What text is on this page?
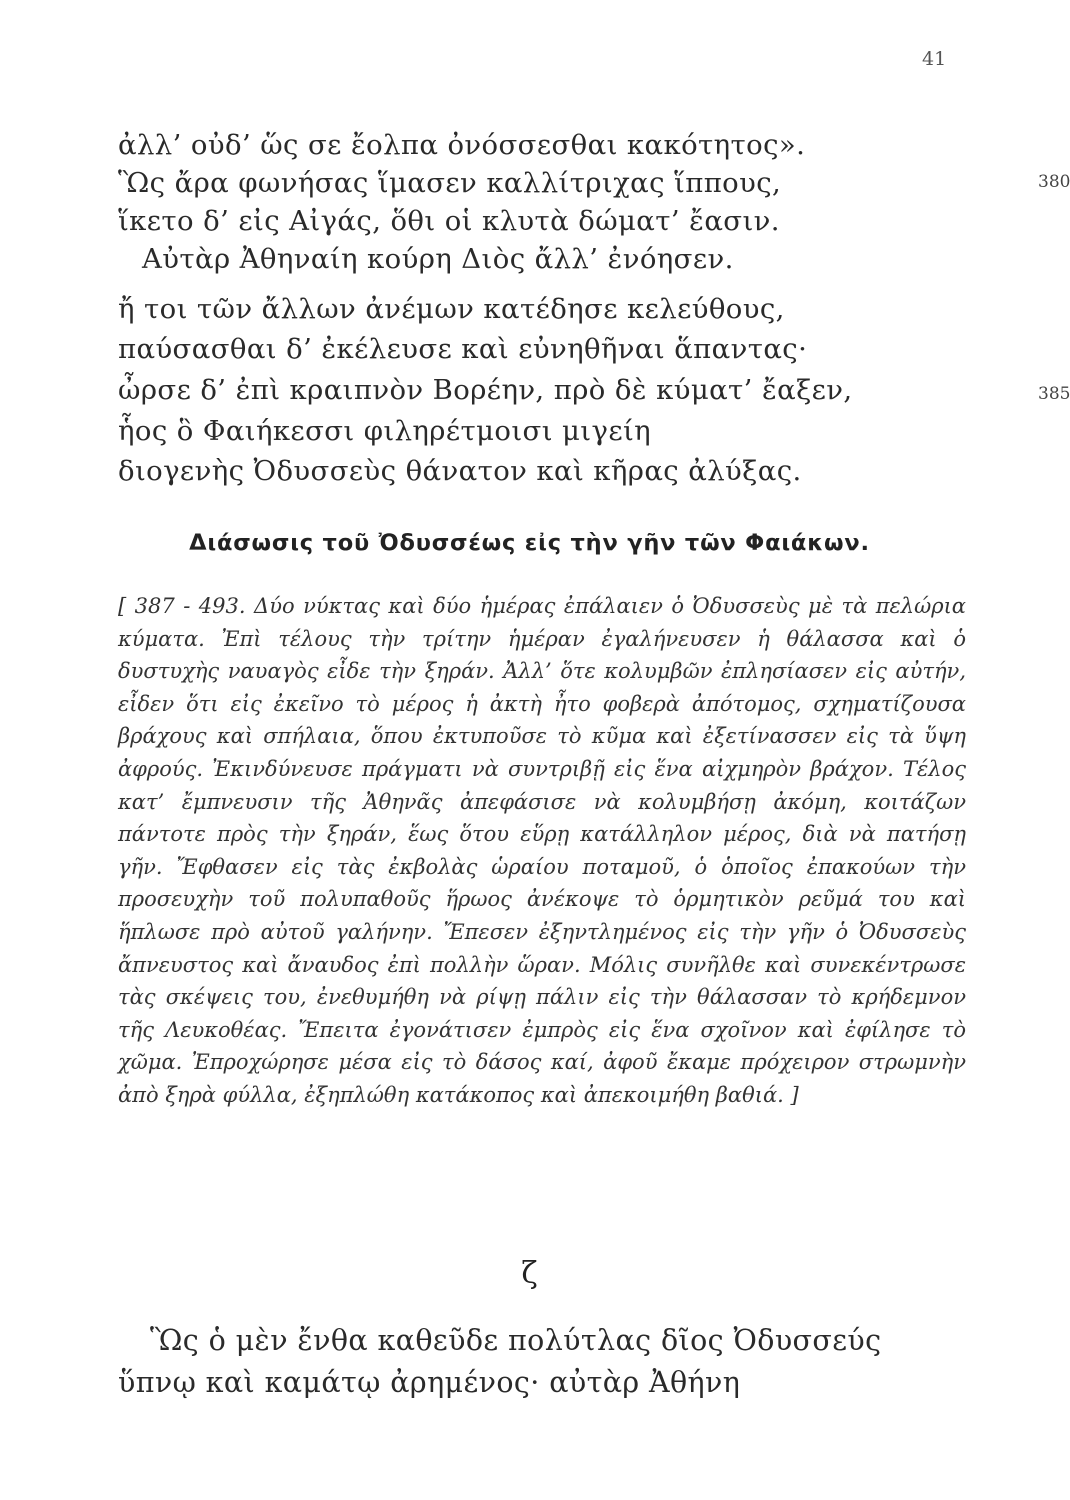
41
ἀλλ’ οὐδ’ ὥς σε ἔολπα ὀνόσσεσθαι κακότητος».
Ὣς ἄρα φωνήσας ἵμασεν καλλίτριχας ἵππους,	380
ἵκετο δ’ εἰς Αἰγάς, ὅθι οἱ κλυτὰ δώματ’ ἔασιν.
Αὐτὰρ Ἀθηναίη κούρη Διὸς ἄλλ’ ἐνόησεν.
ἤ τοι τῶν ἄλλων ἀνέμων κατέδησε κελεύθους,
παύσασθαι δ’ ἐκέλευσε καὶ εὐνηθῆναι ἅπαντας·
ὦρσε δ’ ἐπὶ κραιπνὸν Βορέην, πρὸ δὲ κύματ’ ἔαξεν,	385
ἧος ὃ Φαιήκεσσι φιληρέτμοισι μιγείη
διογενὴς Ὀδυσσεὺς θάνατον καὶ κῆρας ἀλύξας.
Διάσωσις τοῦ Ὀδυσσέως εἰς τὴν γῆν τῶν Φαιάκων.
[ 387 - 493. Δύο νύκτας καὶ δύο ἡμέρας ἐπάλαιεν ὁ Ὀδυσσεὺς μὲ τὰ πελώρια κύματα. Ἐπὶ τέλους τὴν τρίτην ἡμέραν ἐγαλήνευσεν ἡ θάλασσα καὶ ὁ δυστυχὴς ναυαγὸς εἶδε τὴν ξηράν. Ἀλλ’ ὅτε κολυμβῶν ἐπλησίασεν εἰς αὐτήν, εἶδεν ὅτι εἰς ἐκεῖνο τὸ μέρος ἡ ἀκτὴ ἦτο φοβερὰ ἀπότομος, σχηματίζουσα βράχους καὶ σπήλαια, ὅπου ἐκτυποῦσε τὸ κῦμα καὶ ἐξετίνασσεν εἰς τὰ ὕψη ἀφρούς. Ἐκινδύνευσε πράγματι νὰ συντριβῇ εἰς ἕνα αἰχμηρὸν βράχον. Τέλος κατ’ ἔμπνευσιν τῆς Ἀθηνᾶς ἀπεφάσισε νὰ κολυμβήσῃ ἀκόμη, κοιτάζων πάντοτε πρὸς τὴν ξηράν, ἕως ὅτου εὕρῃ κατάλληλον μέρος, διὰ νὰ πατήσῃ γῆν. Ἔφθασεν εἰς τὰς ἐκβολὰς ὡραίου ποταμοῦ, ὁ ὁποῖος ἐπακούων τὴν προσευχὴν τοῦ πολυπαθοῦς ἥρωος ἀνέκοψε τὸ ὁρμητικὸν ρεῦμά του καὶ ἥπλωσε πρὸ αὐτοῦ γαλήνην. Ἔπεσεν ἐξηντλημένος εἰς τὴν γῆν ὁ Ὀδυσσεὺς ἄπνευστος καὶ ἄναυδος ἐπὶ πολλὴν ὥραν. Μόλις συνῆλθε καὶ συνεκέντρωσε τὰς σκέψεις του, ἐνεθυμήθη νὰ ρίψῃ πάλιν εἰς τὴν θάλασσαν τὸ κρήδεμνον τῆς Λευκοθέας. Ἔπειτα ἐγονάτισεν ἐμπρὸς εἰς ἕνα σχοῖνον καὶ ἐφίλησε τὸ χῶμα. Ἐπροχώρησε μέσα εἰς τὸ δάσος καί, ἀφοῦ ἔκαμε πρόχειρον στρωμνὴν ἀπὸ ξηρὰ φύλλα, ἐξηπλώθη κατάκοπος καὶ ἀπεκοιμήθη βαθιά. ]
ζ
Ὣς ὁ μὲν ἔνθα καθεῦδε πολύτλας δῖος Ὀδυσσεύς
ὕπνῳ καὶ καμάτῳ ἀρημένος· αὐτὰρ Ἀθήνη
